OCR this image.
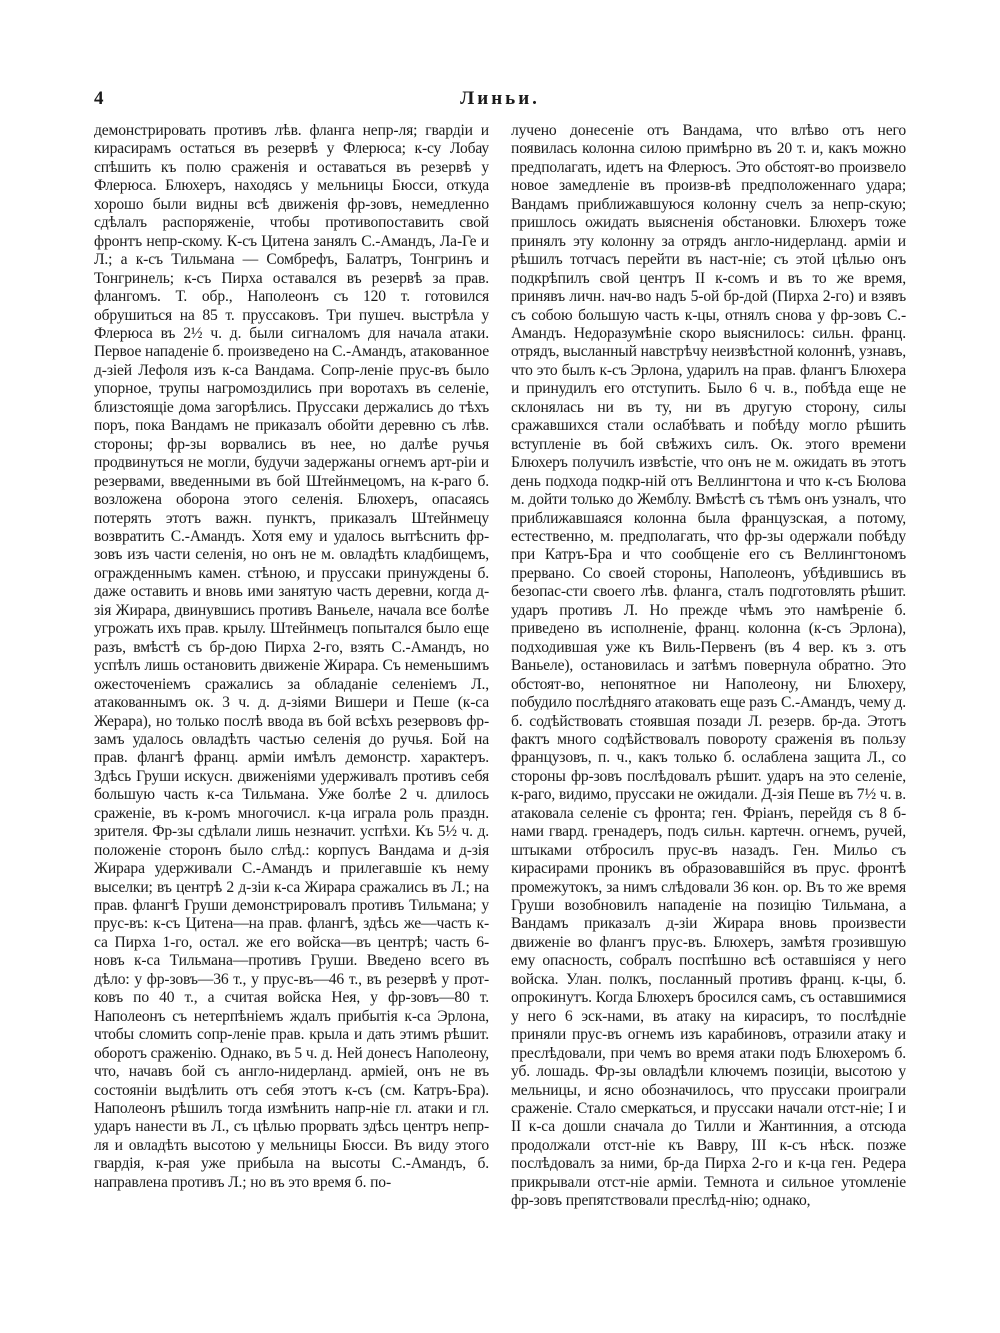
4	Линьи.

демонстрировать противъ лѣв. фланга непр-ля; гвардіи и кирасирамъ остаться въ резервѣ у Флерюса; к-су Лобау спѣшить къ полю сраженія и оставаться въ резервѣ у Флерюса. Блюхеръ, находясь у мельницы Бюсси, откуда хорошо были видны всѣ движенія фр-зовъ, немедленно сдѣлалъ распоряженіе, чтобы противопоставить свой фронтъ непр-скому. К-съ Цитена занялъ С.-Амандъ, Ла-Ге и Л.; а к-съ Тильмана — Сомбрефъ, Балатръ, Тонгринъ и Тонгринель; к-съ Пирха оставался въ резервѣ за прав. флангомъ. Т. обр., Наполеонъ съ 120 т. готовился обрушиться на 85 т. пруссаковъ. Три пушеч. выстрѣла у Флерюса въ 2½ ч. д. были сигналомъ для начала атаки. Первое нападеніе б. произведено на С.-Амандъ, атакованное д-зіей Лефоля изъ к-са Вандама. Сопр-леніе прус-въ было упорное, трупы нагромоздились при воротахъ въ селеніе, близстоящіе дома загорѣлись. Пруссаки держались до тѣхъ поръ, пока Вандамъ не приказалъ обойти деревню съ лѣв. стороны; фр-зы ворвались въ нее, но далѣе ручья продвинуться не могли, будучи задержаны огнемъ арт-ріи и резервами, введенными въ бой Штейнмецомъ, на к-раго б. возложена оборона этого селенія. Блюхеръ, опасаясь потерять этотъ важн. пунктъ, приказалъ Штейнмецу возвратить С.-Амандъ. Хотя ему и удалось вытѣснить фр-зовъ изъ части селенія, но онъ не м. овладѣть кладбищемъ, огражденнымъ камен. стѣною, и пруссаки принуждены б. даже оставить и вновь ими занятую часть деревни, когда д-зія Жирара, двинувшись противъ Ваньеле, начала все болѣе угрожать ихъ прав. крылу. Штейнмецъ попытался было еще разъ, вмѣстѣ съ бр-дою Пирха 2-го, взять С.-Амандъ, но успѣлъ лишь остановить движеніе Жирара. Съ неменьшимъ ожесточеніемъ сражались за обладаніе селеніемъ Л., атакованнымъ ок. 3 ч. д. д-зіями Вишери и Пеше (к-са Жерара), но только послѣ ввода въ бой всѣхъ резервовъ фр-замъ удалось овладѣть частью селенія до ручья. Бой на прав. флангѣ франц. арміи имѣлъ демонстр. характеръ. Здѣсь Груши искусн. движеніями удерживалъ противъ себя большую часть к-са Тильмана. Уже болѣе 2 ч. длилось сраженіе, въ к-ромъ многочисл. к-ца играла роль праздн. зрителя. Фр-зы сдѣлали лишь незначит. успѣхи. Къ 5½ ч. д. положеніе сторонъ было слѣд.: корпусъ Вандама и д-зія Жирара удерживали С.-Амандъ и прилегавшіе къ нему выселки; въ центрѣ 2 д-зіи к-са Жирара сражались въ Л.; на прав. флангѣ Груши демонстрировалъ противъ Тильмана; у прус-въ: к-съ Цитена—на прав. флангѣ, здѣсь же—часть к-са Пирха 1-го, остал. же его войска—въ центрѣ; часть 6-новъ к-са Тильмана—противъ Груши. Введено всего въ дѣло: у фр-зовъ—36 т., у прус-въ—46 т., въ резервѣ у прот-ковъ по 40 т., а считая войска Нея, у фр-зовъ—80 т. Наполеонъ съ нетерпѣніемъ ждалъ прибытія к-са Эрлона, чтобы сломить сопр-леніе прав. крыла и дать этимъ рѣшит. оборотъ сраженію. Однако, въ 5 ч. д. Ней донесъ Наполеону, что, начавъ бой съ англо-нидерланд. арміей, онъ не въ состояніи выдѣлить отъ себя этотъ к-съ (см. Катръ-Бра). Наполеонъ рѣшилъ тогда измѣнить напр-ніе гл. атаки и гл. ударъ нанести въ Л., съ цѣлью прорвать здѣсь центръ непр-ля и овладѣть высотою у мельницы Бюсси. Въ виду этого гвардія, к-рая уже прибыла на высоты С.-Амандъ, б. направлена противъ Л.; но въ это время б. по-

лучено донесеніе отъ Вандама, что влѣво отъ него появилась колонна силою примѣрно въ 20 т. и, какъ можно предполагать, идетъ на Флерюсъ. Это обстоят-во произвело новое замедленіе въ произв-вѣ предположеннаго удара; Вандамъ приближавшуюся колонну счелъ за непр-скую; пришлось ожидать выясненія обстановки. Блюхеръ тоже принялъ эту колонну за отрядъ англо-нидерланд. арміи и рѣшилъ тотчасъ перейти въ наст-ніе; съ этой цѣлью онъ подкрѣпилъ свой центръ II к-сомъ и въ то же время, принявъ личн. нач-во надъ 5-ой бр-дой (Пирха 2-го) и взявъ съ собою большую часть к-цы, отнялъ снова у фр-зовъ С.-Амандъ. Недоразумѣніе скоро выяснилось: сильн. франц. отрядъ, высланный навстрѣчу неизвѣстной колоннѣ, узнавъ, что это былъ к-съ Эрлона, ударилъ на прав. флангъ Блюхера и принудилъ его отступить. Было 6 ч. в., побѣда еще не склонялась ни въ ту, ни въ другую сторону, силы сражавшихся стали ослабѣвать и побѣду могло рѣшить вступленіе въ бой свѣжихъ силъ. Ок. этого времени Блюхеръ получилъ извѣстіе, что онъ не м. ожидать въ этотъ день подхода подкр-ній отъ Веллингтона и что к-съ Бюлова м. дойти только до Жемблу. Вмѣстѣ съ тѣмъ онъ узналъ, что приближавшаяся колонна была французская, а потому, естественно, м. предполагать, что фр-зы одержали побѣду при Катръ-Бра и что сообщеніе его съ Веллингтономъ прервано. Со своей стороны, Наполеонъ, убѣдившись въ безопас-сти своего лѣв. фланга, сталъ подготовлять рѣшит. ударъ противъ Л. Но прежде чѣмъ это намѣреніе б. приведено въ исполненіе, франц. колонна (к-съ Эрлона), подходившая уже къ Виль-Первенъ (въ 4 вер. къ з. отъ Ваньеле), остановилась и затѣмъ повернула обратно. Это обстоят-во, непонятное ни Наполеону, ни Блюхеру, побудило послѣдняго атаковать еще разъ С.-Амандъ, чему д. б. содѣйствовать стоявшая позади Л. резерв. бр-да. Этотъ фактъ много содѣйствовалъ повороту сраженія въ пользу французовъ, п. ч., какъ только б. ослаблена защита Л., со стороны фр-зовъ послѣдовалъ рѣшит. ударъ на это селеніе, к-раго, видимо, пруссаки не ожидали. Д-зія Пеше въ 7½ ч. в. атаковала селеніе съ фронта; ген. Фріанъ, перейдя съ 8 б-нами гвард. гренадеръ, подъ сильн. картечн. огнемъ, ручей, штыками отбросилъ прус-въ назадъ. Ген. Мильо съ кирасирами проникъ въ образовавшійся въ прус. фронтѣ промежутокъ, за нимъ слѣдовали 36 кон. ор. Въ то же время Груши возобновилъ нападеніе на позицію Тильмана, а Вандамъ приказалъ д-зіи Жирара вновь произвести движеніе во флангъ прус-въ. Блюхеръ, замѣтя грозившую ему опасность, собралъ поспѣшно всѣ оставшіяся у него войска. Улан. полкъ, посланный противъ франц. к-цы, б. опрокинутъ. Когда Блюхеръ бросился самъ, съ оставшимися у него 6 эск-нами, въ атаку на кирасиръ, то послѣдніе приняли прус-въ огнемъ изъ карабиновъ, отразили атаку и преслѣдовали, при чемъ во время атаки подъ Блюхеромъ б. уб. лошадь. Фр-зы овладѣли ключемъ позиціи, высотою у мельницы, и ясно обозначилось, что пруссаки проиграли сраженіе. Стало смеркаться, и пруссаки начали отст-ніе; I и II к-са дошли сначала до Тилли и Жантинния, а отсюда продолжали отст-ніе къ Вавру, III к-съ нѣск. позже послѣдовалъ за ними, бр-да Пирха 2-го и к-ца ген. Редера прикрывали отст-ніе арміи. Темнота и сильное утомленіе фр-зовъ препятствовали преслѣд-нію; однако,
